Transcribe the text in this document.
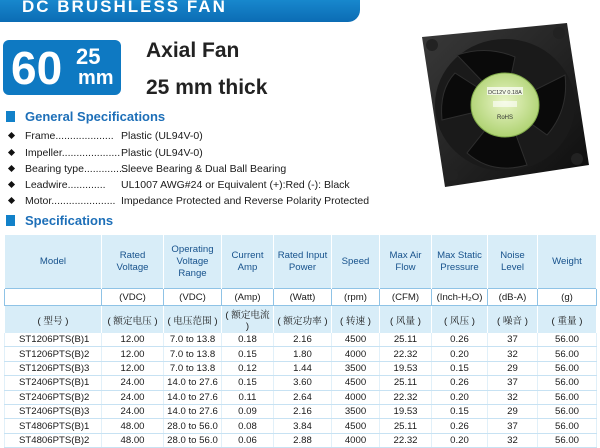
DC BRUSHLESS FAN
60 25
mm
Axial Fan
25 mm thick	DC12V 0.18A
RoHS
General Specifications
Frame.................... Plastic (UL94V-0)
Impeller.................... Plastic (UL94V-0)
Bearing type................
Sleeve Bearing & Dual Ball Bearing
Leadwire.............	UL1007 AWG#24 or Equivalent (+):Red (-): Black
Motor...................... Impedance Protected and Reverse Polarity Protected
Specifications
Model	Rated Voltage	Operating Voltage Range	Current Amp	Rated Input Power	Speed	Max Air Flow	Max Static Pressure	Noise Level	Weight
	(VDC)	(VDC)	(Amp)	(Watt)	(rpm)	(CFM)	(Inch-H₂O)	(dB-A)	(g)
( 型号 )	( 额定电压 )	( 电压范围 )	( 额定电流 )	( 额定功率 )	( 转速 )	( 风量 )	( 风压 )	( 噪音 )	( 重量 )
ST1206PTS(B)1	12.00	7.0 to 13.8	0.18	2.16	4500	25.11	0.26	37	56.00
ST1206PTS(B)2	12.00	7.0 to 13.8	0.15	1.80	4000	22.32	0.20	32	56.00
ST1206PTS(B)3	12.00	7.0 to 13.8	0.12	1.44	3500	19.53	0.15	29	56.00
ST2406PTS(B)1	24.00	14.0 to 27.6	0.15	3.60	4500	25.11	0.26	37	56.00
ST2406PTS(B)2	24.00	14.0 to 27.6	0.11	2.64	4000	22.32	0.20	32	56.00
ST2406PTS(B)3	24.00	14.0 to 27.6	0.09	2.16	3500	19.53	0.15	29	56.00
ST4806PTS(B)1	48.00	28.0 to 56.0	0.08	3.84	4500	25.11	0.26	37	56.00
ST4806PTS(B)2	48.00	28.0 to 56.0	0.06	2.88	4000	22.32	0.20	32	56.00
